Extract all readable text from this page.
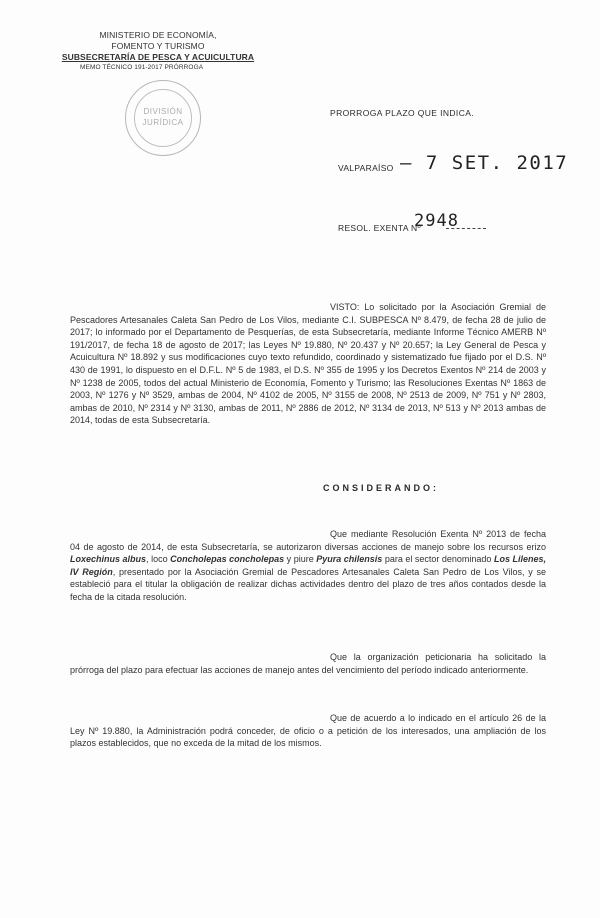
MINISTERIO DE ECONOMÍA,
FOMENTO Y TURISMO
SUBSECRETARÍA DE PESCA Y ACUICULTURA
MEMO TÉCNICO 191-2017 PRÓRROGA
DIVISIÓN
JURÍDICA
PRORROGA PLAZO QUE INDICA.
VALPARAÍSO – 7 SET. 2017
RESOL. EXENTA Nº
2948

VISTO: Lo solicitado por la Asociación Gremial de Pescadores Artesanales Caleta San Pedro de Los Vilos, mediante C.I. SUBPESCA Nº 8.479, de fecha 28 de julio de 2017; lo informado por el Departamento de Pesquerías, de esta Subsecretaría, mediante Informe Técnico AMERB Nº 191/2017, de fecha 18 de agosto de 2017; las Leyes Nº 19.880, Nº 20.437 y Nº 20.657; la Ley General de Pesca y Acuicultura Nº 18.892 y sus modificaciones cuyo texto refundido, coordinado y sistematizado fue fijado por el D.S. Nº 430 de 1991, lo dispuesto en el D.F.L. Nº 5 de 1983, el D.S. Nº 355 de 1995 y los Decretos Exentos Nº 214 de 2003 y Nº 1238 de 2005, todos del actual Ministerio de Economía, Fomento y Turismo; las Resoluciones Exentas Nº 1863 de 2003, Nº 1276 y Nº 3529, ambas de 2004, Nº 4102 de 2005, Nº 3155 de 2008, Nº 2513 de 2009, Nº 751 y Nº 2803, ambas de 2010, Nº 2314 y Nº 3130, ambas de 2011, Nº 2886 de 2012, Nº 3134 de 2013, Nº 513 y Nº 2013 ambas de 2014, todas de esta Subsecretaría.

CONSIDERANDO:

Que mediante Resolución Exenta Nº 2013 de fecha 04 de agosto de 2014, de esta Subsecretaría, se autorizaron diversas acciones de manejo sobre los recursos erizo Loxechinus albus, loco Concholepas concholepas y piure Pyura chilensis para el sector denominado Los Lilenes, IV Región, presentado por la Asociación Gremial de Pescadores Artesanales Caleta San Pedro de Los Vilos, y se estableció para el titular la obligación de realizar dichas actividades dentro del plazo de tres años contados desde la fecha de la citada resolución.

Que la organización peticionaria ha solicitado la prórroga del plazo para efectuar las acciones de manejo antes del vencimiento del período indicado anteriormente.

Que de acuerdo a lo indicado en el artículo 26 de la Ley Nº 19.880, la Administración podrá conceder, de oficio o a petición de los interesados, una ampliación de los plazos establecidos, que no exceda de la mitad de los mismos.
